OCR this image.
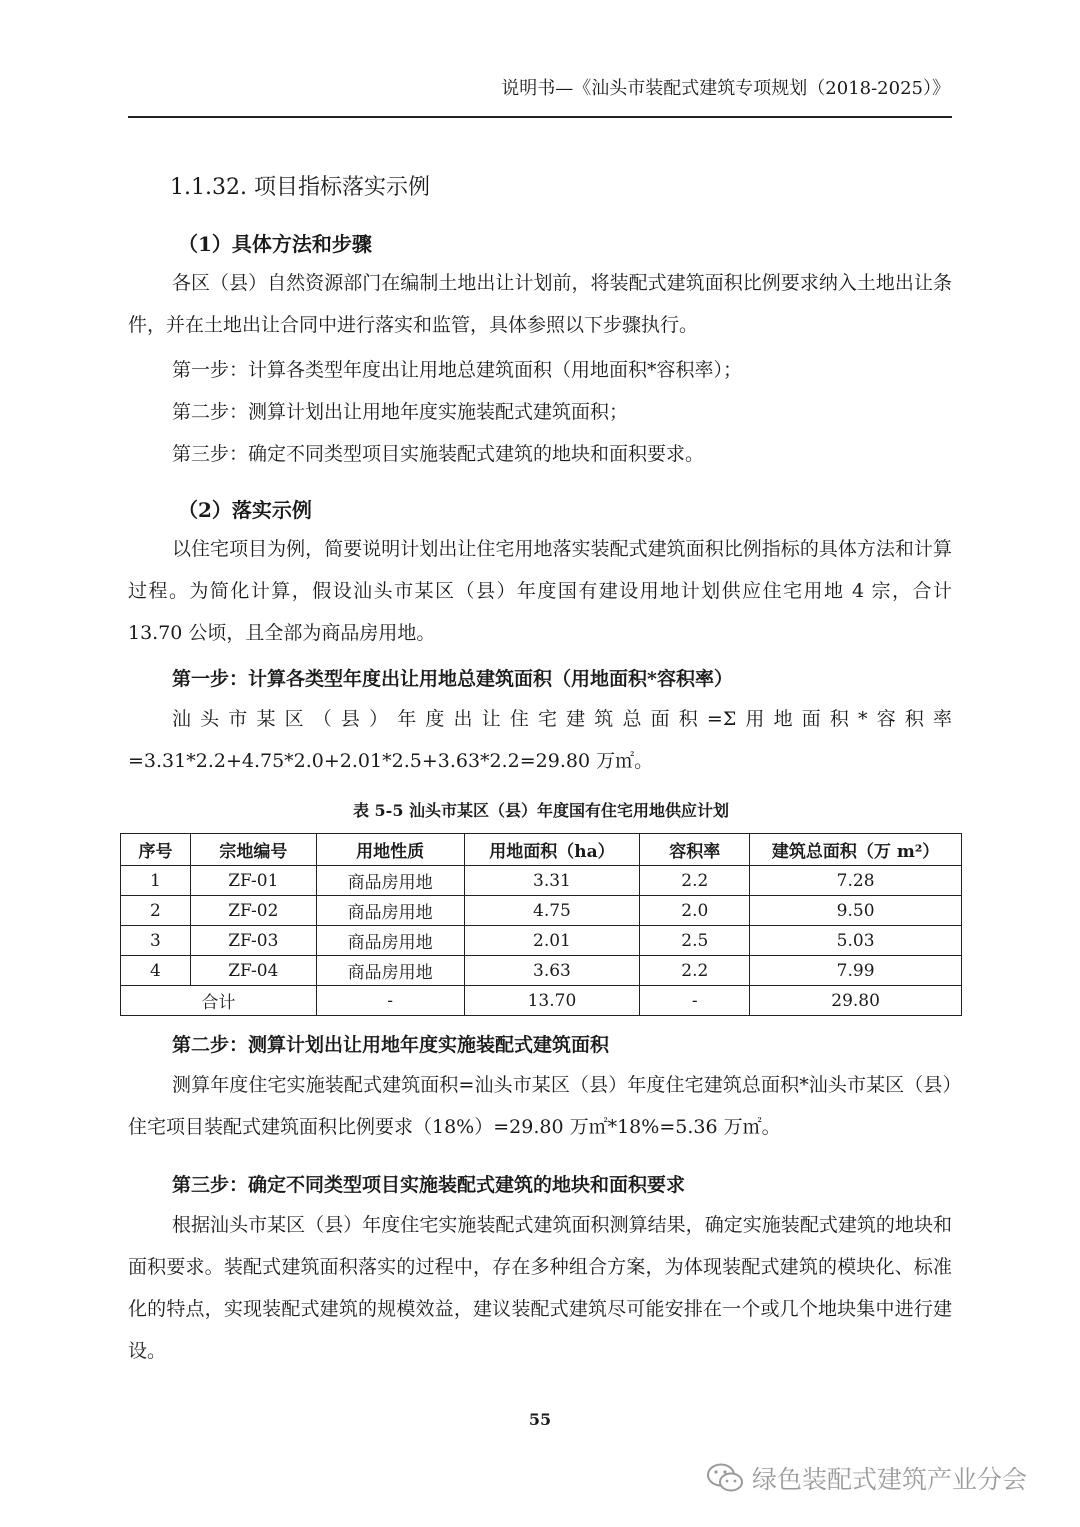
说明书—《汕头市装配式建筑专项规划（2018-2025）》
1.1.32. 项目指标落实示例
（1）具体方法和步骤
各区（县）自然资源部门在编制土地出让计划前，将装配式建筑面积比例要求纳入土地出让条件，并在土地出让合同中进行落实和监管，具体参照以下步骤执行。
第一步：计算各类型年度出让用地总建筑面积（用地面积*容积率）；
第二步：测算计划出让用地年度实施装配式建筑面积；
第三步：确定不同类型项目实施装配式建筑的地块和面积要求。
（2）落实示例
以住宅项目为例，简要说明计划出让住宅用地落实装配式建筑面积比例指标的具体方法和计算过程。为简化计算，假设汕头市某区（县）年度国有建设用地计划供应住宅用地 4 宗，合计 13.70 公顷，且全部为商品房用地。
第一步：计算各类型年度出让用地总建筑面积（用地面积*容积率）
汕头市某区（县）年度出让住宅建筑总面积=Σ用地面积*容积率=3.31*2.2+4.75*2.0+2.01*2.5+3.63*2.2=29.80 万㎡。
表 5-5 汕头市某区（县）年度国有住宅用地供应计划
序号	宗地编号	用地性质	用地面积（ha）	容积率	建筑总面积（万 m²）
1	ZF-01	商品房用地	3.31	2.2	7.28
2	ZF-02	商品房用地	4.75	2.0	9.50
3	ZF-03	商品房用地	2.01	2.5	5.03
4	ZF-04	商品房用地	3.63	2.2	7.99
合计		-	13.70	-	29.80
第二步：测算计划出让用地年度实施装配式建筑面积
测算年度住宅实施装配式建筑面积=汕头市某区（县）年度住宅建筑总面积*汕头市某区（县）住宅项目装配式建筑面积比例要求（18%）=29.80 万㎡*18%=5.36 万㎡。
第三步：确定不同类型项目实施装配式建筑的地块和面积要求
根据汕头市某区（县）年度住宅实施装配式建筑面积测算结果，确定实施装配式建筑的地块和面积要求。装配式建筑面积落实的过程中，存在多种组合方案，为体现装配式建筑的模块化、标准化的特点，实现装配式建筑的规模效益，建议装配式建筑尽可能安排在一个或几个地块集中进行建设。
55
绿色装配式建筑产业分会
